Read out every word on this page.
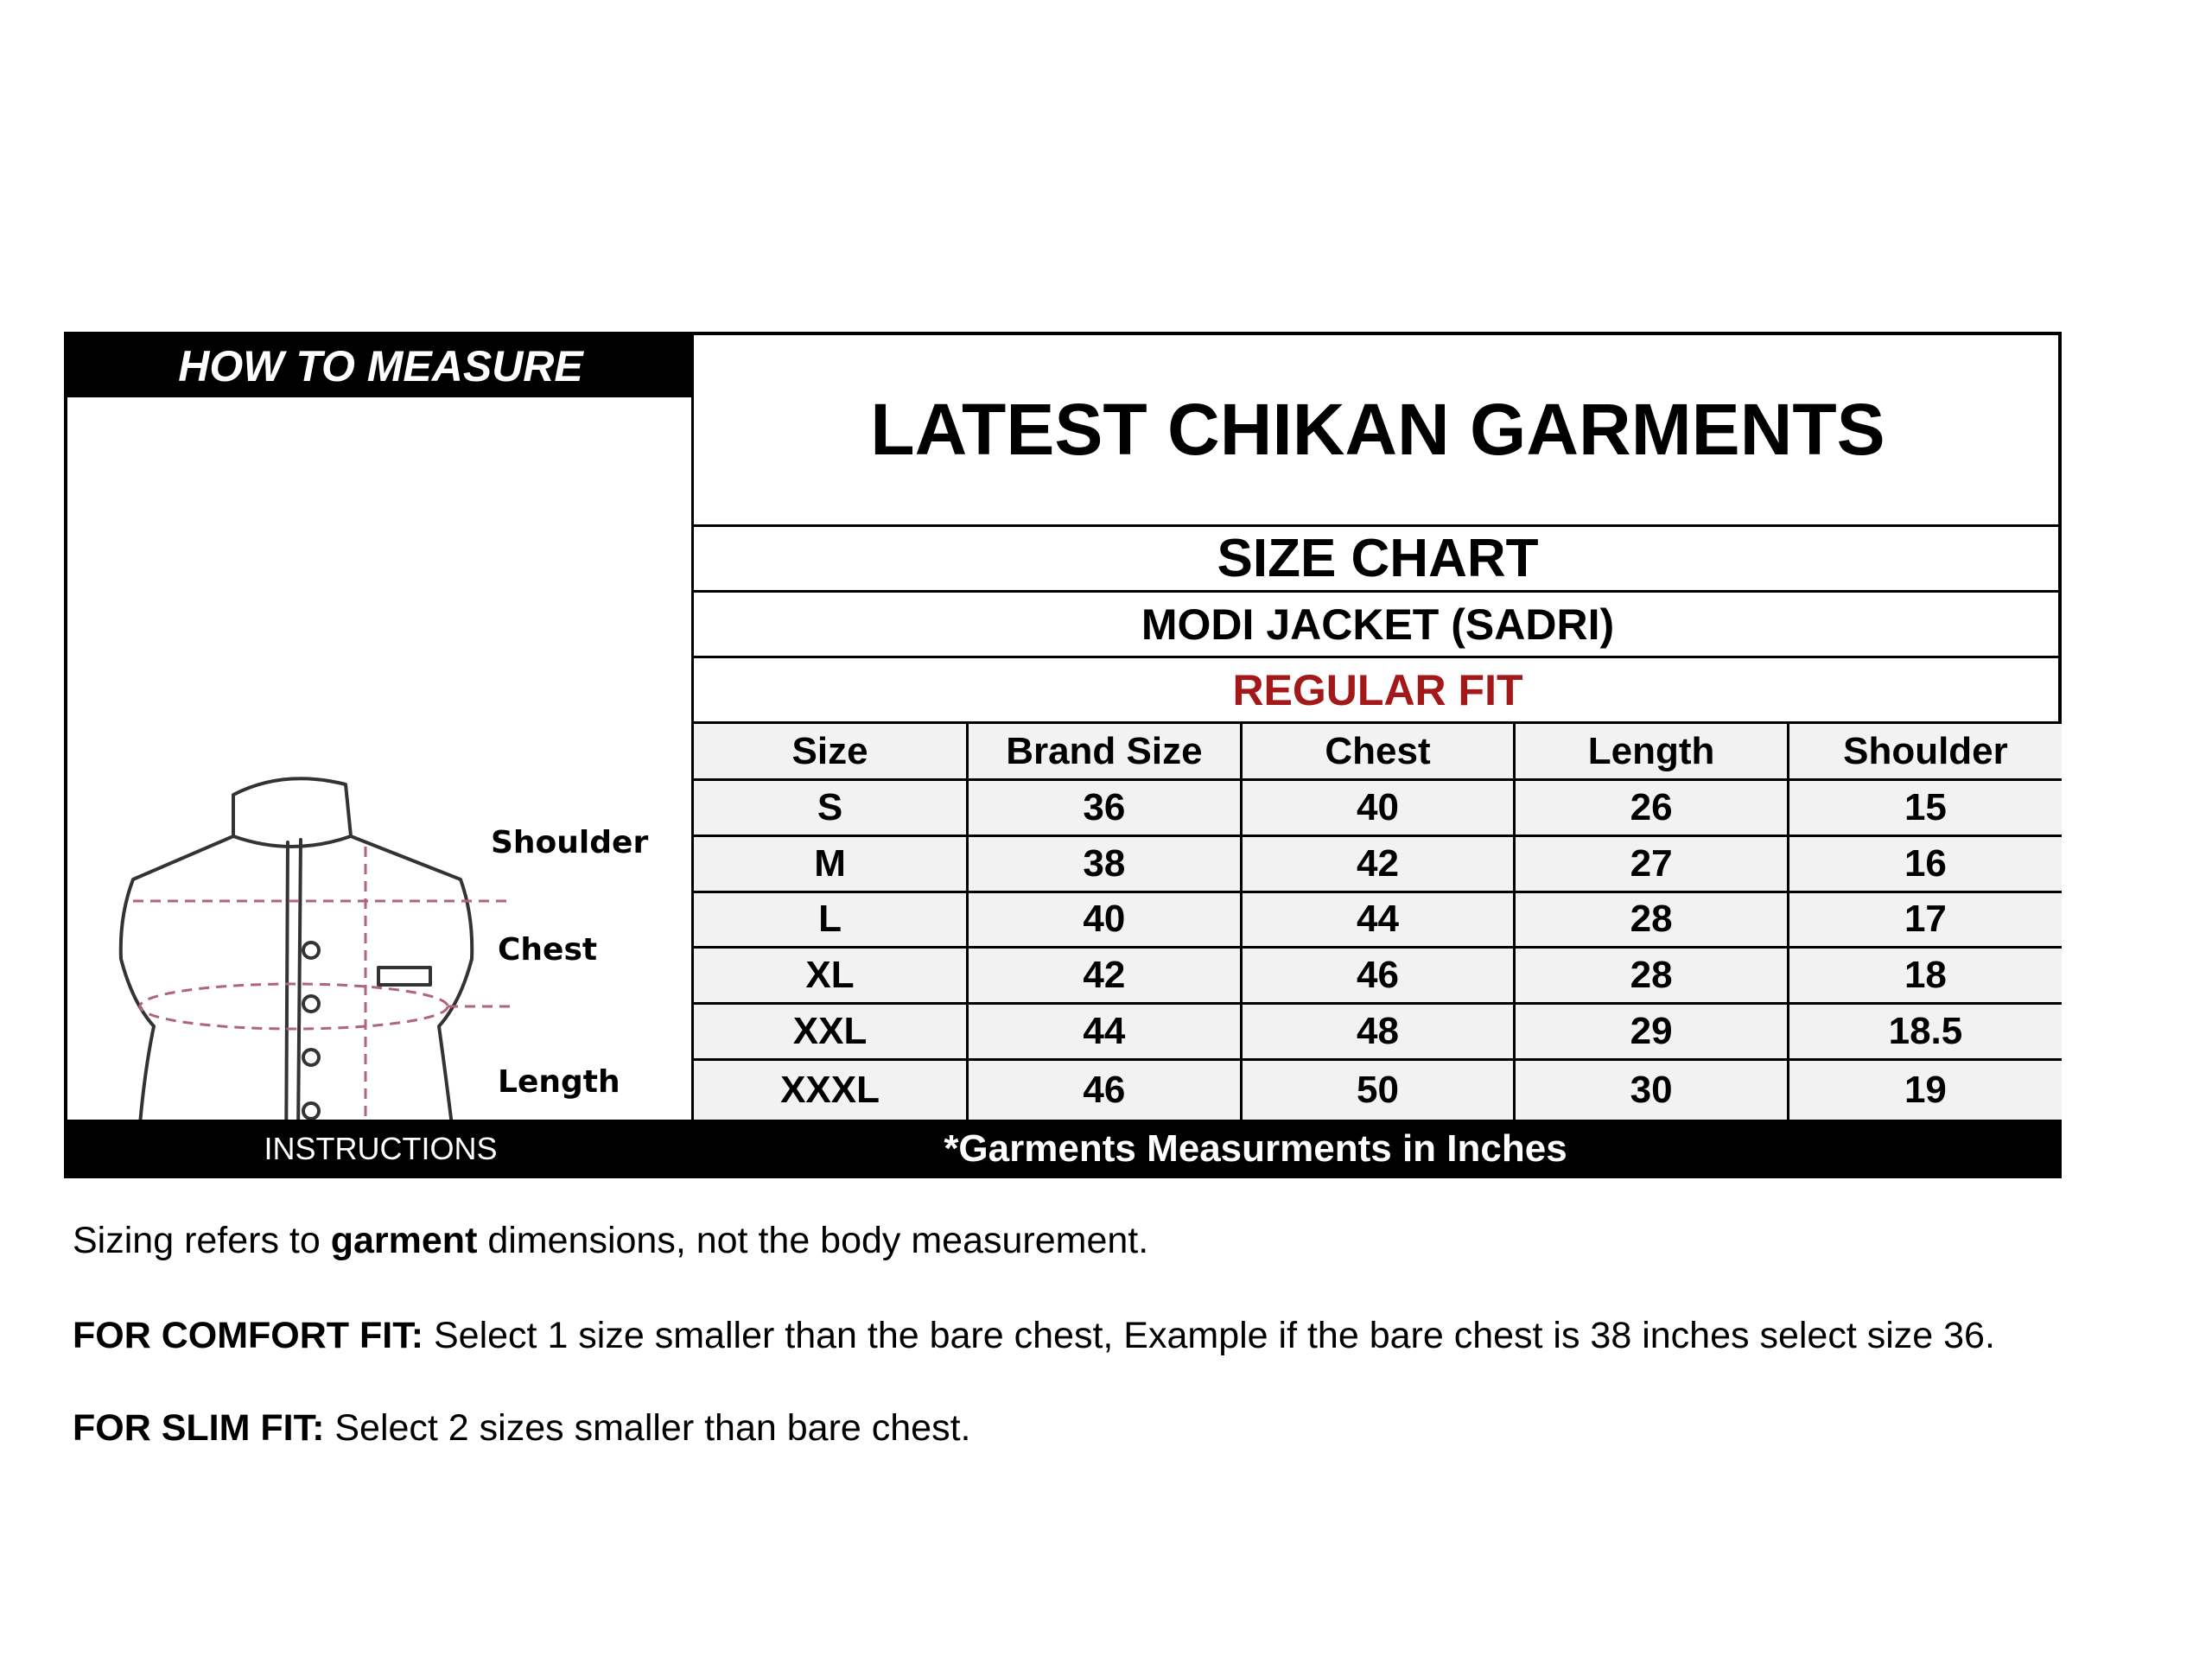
HOW TO MEASURE
Shoulder
Chest
Length
LATEST CHIKAN GARMENTS
SIZE CHART
MODI JACKET (SADRI)
REGULAR FIT
Size	Brand Size	Chest	Length	Shoulder
S	36	40	26	15
M	38	42	27	16
L	40	44	28	17
XL	42	46	28	18
XXL	44	48	29	18.5
XXXL	46	50	30	19
INSTRUCTIONS	*Garments Measurments in Inches
Sizing refers to garment dimensions, not the body measurement.
FOR COMFORT FIT: Select 1 size smaller than the bare chest, Example if the bare chest is 38 inches select size 36.
FOR SLIM FIT: Select 2 sizes smaller than bare chest.
